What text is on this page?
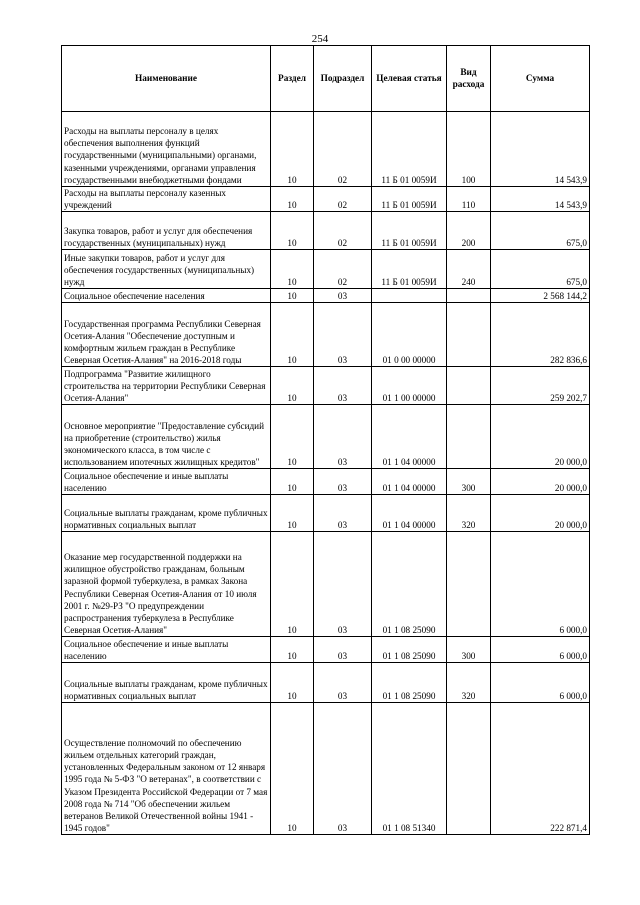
254
Наименование	Раздел	Подраздел	Целевая статья	Вид расхода	Сумма
Расходы на выплаты персоналу в целях обеспечения выполнения функций государственными (муниципальными) органами, казенными учреждениями, органами управления государственными внебюджетными фондами	10	02	11 Б 01 0059И	100	14 543,9
Расходы на выплаты персоналу казенных учреждений	10	02	11 Б 01 0059И	110	14 543,9
Закупка товаров, работ и услуг для обеспечения государственных (муниципальных) нужд	10	02	11 Б 01 0059И	200	675,0
Иные закупки товаров, работ и услуг для обеспечения государственных (муниципальных) нужд	10	02	11 Б 01 0059И	240	675,0
Социальное обеспечение населения	10	03			2 568 144,2
Государственная программа Республики Северная Осетия-Алания "Обеспечение доступным и комфортным жильем граждан в Республике Северная Осетия-Алания" на 2016-2018 годы	10	03	01 0 00 00000		282 836,6
Подпрограмма "Развитие жилищного строительства на территории Республики Северная Осетия-Алания"	10	03	01 1 00 00000		259 202,7
Основное мероприятие "Предоставление субсидий на приобретение (строительство) жилья экономического класса, в том числе с использованием ипотечных жилищных кредитов"	10	03	01 1 04 00000		20 000,0
Социальное обеспечение и иные выплаты населению	10	03	01 1 04 00000	300	20 000,0
Социальные выплаты гражданам, кроме публичных нормативных социальных выплат	10	03	01 1 04 00000	320	20 000,0
Оказание мер государственной поддержки на жилищное обустройство гражданам, больным заразной формой туберкулеза, в рамках Закона Республики Северная Осетия-Алания от 10 июля 2001 г. №29-РЗ "О предупреждении распространения туберкулеза в Республике Северная Осетия-Алания"	10	03	01 1 08 25090		6 000,0
Социальное обеспечение и иные выплаты населению	10	03	01 1 08 25090	300	6 000,0
Социальные выплаты гражданам, кроме публичных нормативных социальных выплат	10	03	01 1 08 25090	320	6 000,0
Осуществление полномочий по обеспечению жильем отдельных категорий граждан, установленных Федеральным законом от 12 января 1995 года № 5-ФЗ "О ветеранах", в соответствии с Указом Президента Российской Федерации от 7 мая 2008 года № 714 "Об обеспечении жильем ветеранов Великой Отечественной войны 1941 - 1945 годов"	10	03	01 1 08 51340		222 871,4
